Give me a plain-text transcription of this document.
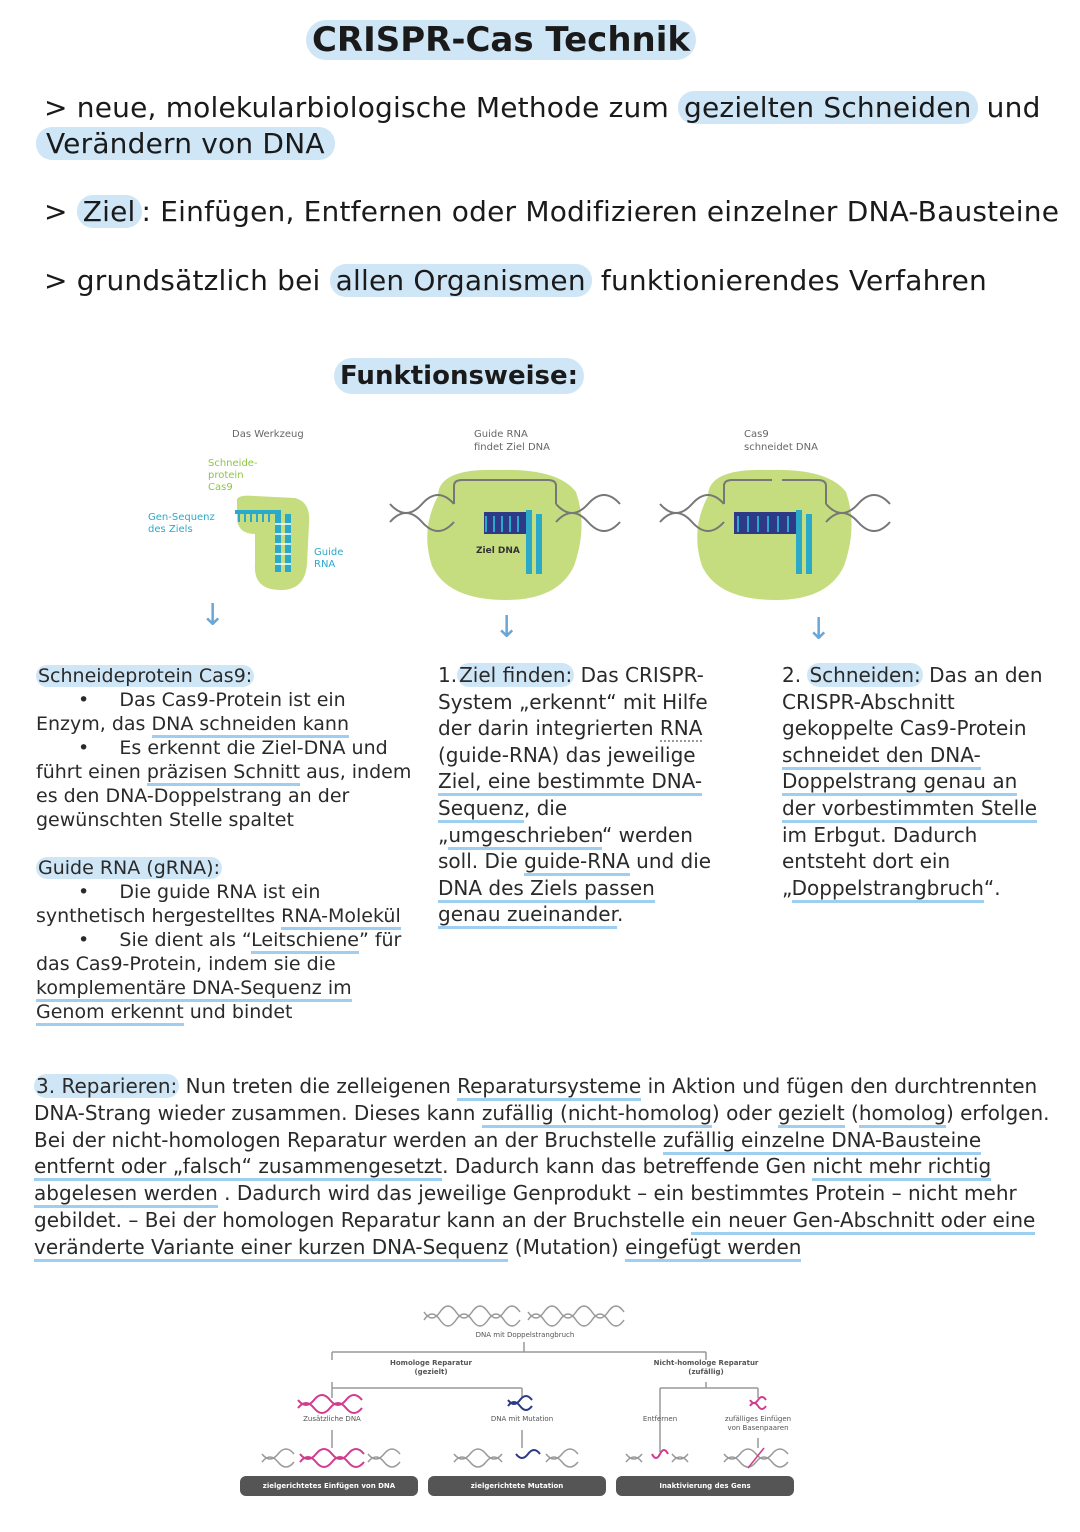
CRISPR-Cas Technik
> neue, molekularbiologische Methode zum gezielten Schneiden und
Verändern von DNA
> Ziel : Einfügen, Entfernen oder Modifizieren einzelner DNA-Bausteine
> grundsätzlich bei allen Organismen funktionierendes Verfahren
Funktionsweise:
Das Werkzeug
Schneide-
protein
Cas9
Gen-Sequenz
des Ziels
Guide
RNA
Guide RNA
findet Ziel DNA
Ziel DNA
Cas9
schneidet DNA
↓	↓	↓
Schneideprotein Cas9:
• Das Cas9-Protein ist ein
Enzym, das DNA schneiden kann
• Es erkennt die Ziel-DNA und
führt einen präzisen Schnitt aus, indem
es den DNA-Doppelstrang an der
gewünschten Stelle spaltet
Guide RNA (gRNA):
• Die guide RNA ist ein
synthetisch hergestelltes RNA-Molekül
• Sie dient als “Leitschiene” für
das Cas9-Protein, indem sie die
komplementäre DNA-Sequenz im
Genom erkennt und bindet
1. Ziel finden: Das CRISPR-
System „erkennt“ mit Hilfe
der darin integrierten RNA
(guide-RNA) das jeweilige
Ziel, eine bestimmte DNA-
Sequenz, die
„umgeschrieben“ werden
soll. Die guide-RNA und die
DNA des Ziels passen
genau zueinander.
2. Schneiden: Das an den
CRISPR-Abschnitt
gekoppelte Cas9-Protein
schneidet den DNA-
Doppelstrang genau an
der vorbestimmten Stelle
im Erbgut. Dadurch
entsteht dort ein
„Doppelstrangbruch“.
3. Reparieren: Nun treten die zelleigenen Reparatursysteme in Aktion und fügen den durchtrennten DNA-Strang wieder zusammen. Dieses kann zufällig (nicht-homolog) oder gezielt (homolog) erfolgen. Bei der nicht-homologen Reparatur werden an der Bruchstelle zufällig einzelne DNA-Bausteine entfernt oder „falsch“ zusammengesetzt. Dadurch kann das betreffende Gen nicht mehr richtig abgelesen werden . Dadurch wird das jeweilige Genprodukt – ein bestimmtes Protein – nicht mehr gebildet. – Bei der homologen Reparatur kann an der Bruchstelle ein neuer Gen-Abschnitt oder eine veränderte Variante einer kurzen DNA-Sequenz (Mutation) eingefügt werden
DNA mit Doppelstrangbruch
Homologe Reparatur
(gezielt)
Nicht-homologe Reparatur
(zufällig)
Zusätzliche DNA	DNA mit Mutation	Entfernen	zufälliges Einfügen
von Basenpaaren
zielgerichtetes Einfügen von DNA	zielgerichtete Mutation	Inaktivierung des Gens
